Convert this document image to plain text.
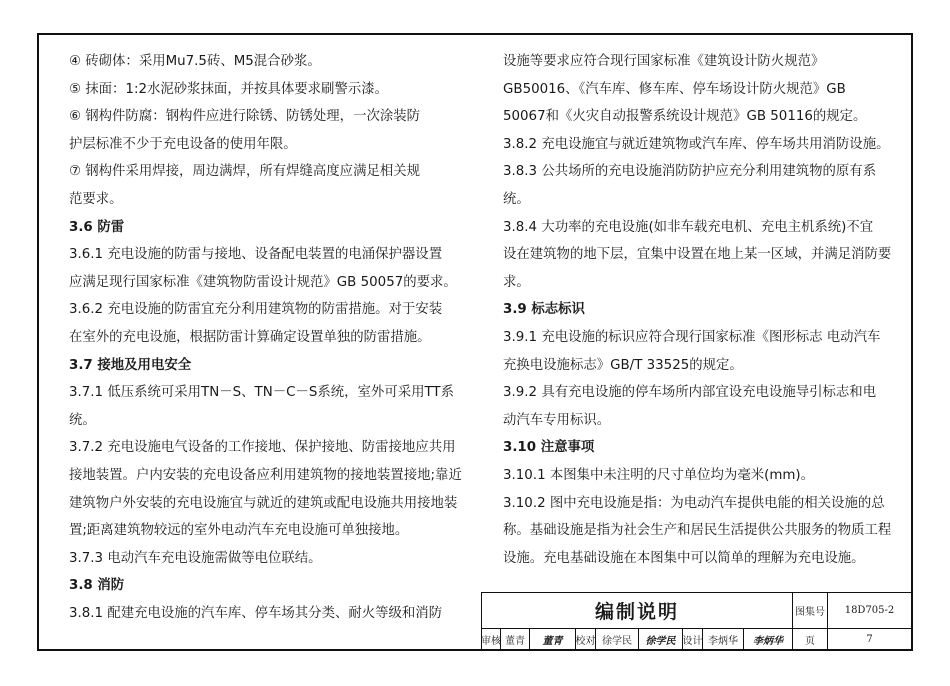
④ 砖砌体：采用Mu7.5砖、M5混合砂浆。
⑤ 抹面：1:2水泥砂浆抹面，并按具体要求刷警示漆。
⑥ 钢构件防腐：钢构件应进行除锈、防锈处理，一次涂装防
护层标准不少于充电设备的使用年限。
⑦ 钢构件采用焊接，周边满焊，所有焊缝高度应满足相关规
范要求。
3.6 防雷
3.6.1 充电设施的防雷与接地、设备配电装置的电涌保护器设置
应满足现行国家标准《建筑物防雷设计规范》GB 50057的要求。
3.6.2 充电设施的防雷宜充分利用建筑物的防雷措施。对于安装
在室外的充电设施，根据防雷计算确定设置单独的防雷措施。
3.7 接地及用电安全
3.7.1 低压系统可采用TN－S、TN－C－S系统，室外可采用TT系
统。
3.7.2 充电设施电气设备的工作接地、保护接地、防雷接地应共用
接地装置。户内安装的充电设备应利用建筑物的接地装置接地;靠近
建筑物户外安装的充电设施宜与就近的建筑或配电设施共用接地装
置;距离建筑物较远的室外电动汽车充电设施可单独接地。
3.7.3 电动汽车充电设施需做等电位联结。
3.8 消防
3.8.1 配建充电设施的汽车库、停车场其分类、耐火等级和消防
设施等要求应符合现行国家标准《建筑设计防火规范》
GB50016、《汽车库、修车库、停车场设计防火规范》GB
50067和《火灾自动报警系统设计规范》GB 50116的规定。
3.8.2 充电设施宜与就近建筑物或汽车库、停车场共用消防设施。
3.8.3 公共场所的充电设施消防防护应充分利用建筑物的原有系
统。
3.8.4 大功率的充电设施(如非车载充电机、充电主机系统)不宜
设在建筑物的地下层，宜集中设置在地上某一区域，并满足消防要
求。
3.9 标志标识
3.9.1 充电设施的标识应符合现行国家标准《图形标志 电动汽车
充换电设施标志》GB/T 33525的规定。
3.9.2 具有充电设施的停车场所内部宜设充电设施导引标志和电
动汽车专用标识。
3.10 注意事项
3.10.1 本图集中未注明的尺寸单位均为毫米(mm)。
3.10.2 图中充电设施是指：为电动汽车提供电能的相关设施的总
称。基础设施是指为社会生产和居民生活提供公共服务的物质工程
设施。充电基础设施在本图集中可以简单的理解为充电设施。
编制说明	图集号	18D705-2
审核 董青	董青	校对 徐学民	徐学民 设计 李炳华	李炳华	页	7
